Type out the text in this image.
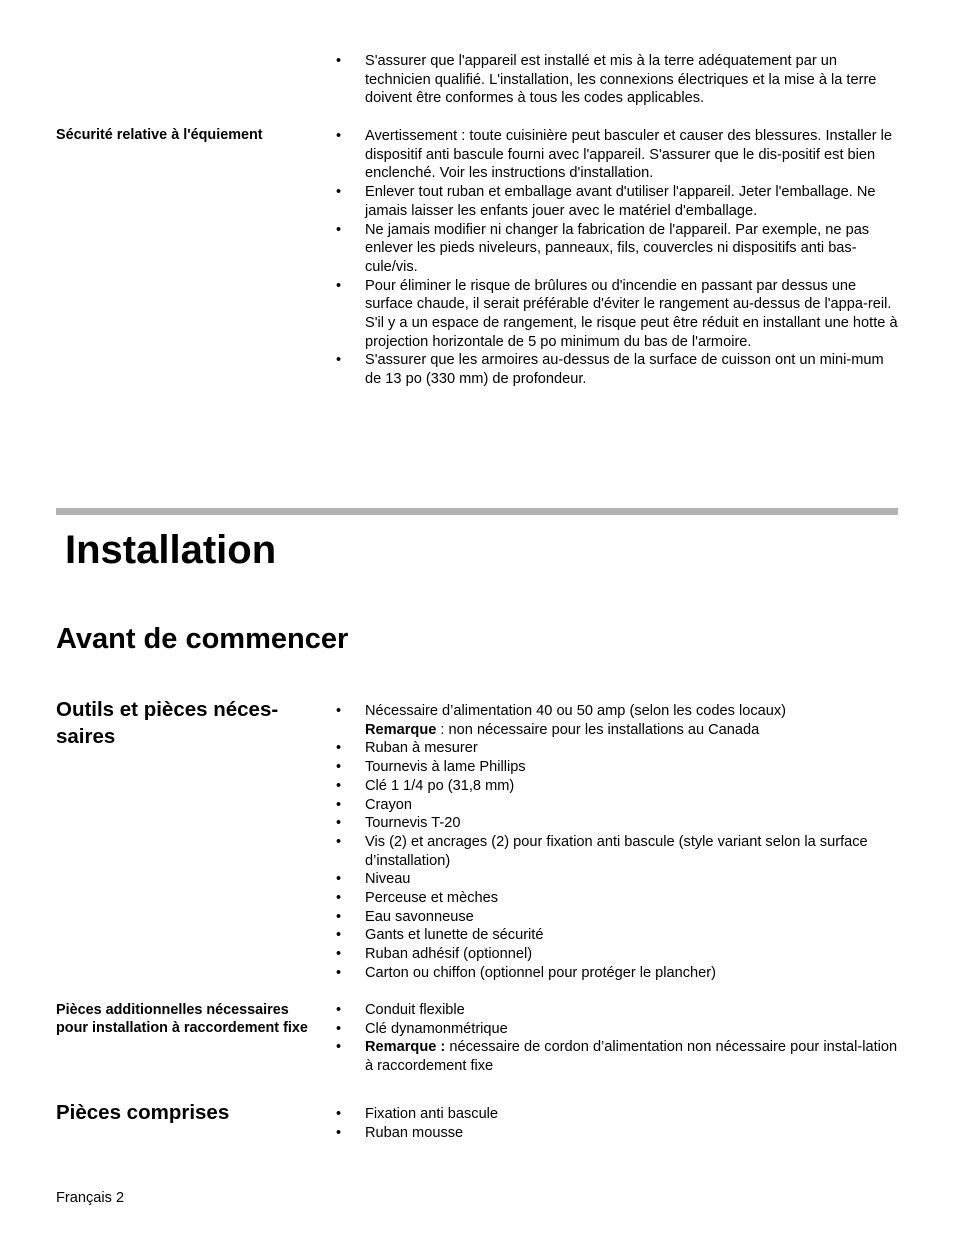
• S'assurer que l'appareil est installé et mis à la terre adéquatement par un technicien qualifié. L'installation, les connexions électriques et la mise à la terre doivent être conformes à tous les codes applicables.
Sécurité relative à l'équiement	• Avertissement : toute cuisinière peut basculer et causer des blessures. Installer le dispositif anti bascule fourni avec l'appareil. S'assurer que le dis-positif est bien enclenché. Voir les instructions d'installation.
• Enlever tout ruban et emballage avant d'utiliser l'appareil. Jeter l'emballage. Ne jamais laisser les enfants jouer avec le matériel d'emballage.
• Ne jamais modifier ni changer la fabrication de l'appareil. Par exemple, ne pas enlever les pieds niveleurs, panneaux, fils, couvercles ni dispositifs anti bas-cule/vis.
• Pour éliminer le risque de brûlures ou d'incendie en passant par dessus une surface chaude, il serait préférable d'éviter le rangement au-dessus de l'appa-reil. S'il y a un espace de rangement, le risque peut être réduit en installant une hotte à projection horizontale de 5 po minimum du bas de l'armoire.
• S'assurer que les armoires au-dessus de la surface de cuisson ont un mini-mum de 13 po (330 mm) de profondeur.
Installation
Avant de commencer
Outils et pièces néces-saires
• Nécessaire d’alimentation 40 ou 50 amp (selon les codes locaux)
Remarque : non nécessaire pour les installations au Canada
• Ruban à mesurer
• Tournevis à lame Phillips
• Clé 1 1/4 po (31,8 mm)
• Crayon
• Tournevis T-20
• Vis (2) et ancrages (2) pour fixation anti bascule (style variant selon la surface d’installation)
• Niveau
• Perceuse et mèches
• Eau savonneuse
• Gants et lunette de sécurité
• Ruban adhésif (optionnel)
• Carton ou chiffon (optionnel pour protéger le plancher)
Pièces additionnelles nécessaires pour installation à raccordement fixe
• Conduit flexible
• Clé dynamonmétrique
• Remarque : nécessaire de cordon d’alimentation non nécessaire pour instal-lation à raccordement fixe
Pièces comprises	• Fixation anti bascule
• Ruban mousse
Français 2
